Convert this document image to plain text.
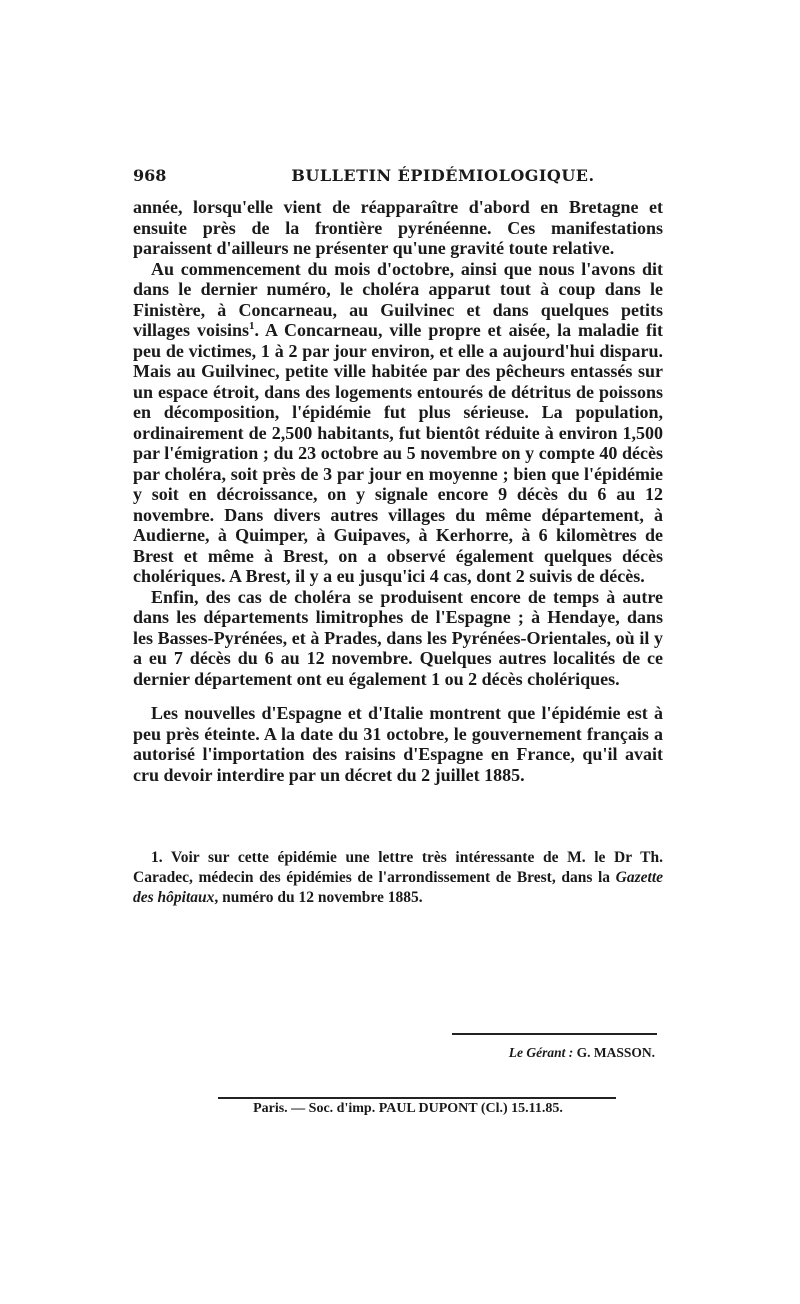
968	BULLETIN ÉPIDÉMIOLOGIQUE.

année, lorsqu'elle vient de réapparaître d'abord en Bretagne et ensuite près de la frontière pyrénéenne. Ces manifestations paraissent d'ailleurs ne présenter qu'une gravité toute relative.

Au commencement du mois d'octobre, ainsi que nous l'avons dit dans le dernier numéro, le choléra apparut tout à coup dans le Finistère, à Concarneau, au Guilvinec et dans quelques petits villages voisins$^1$. A Concarneau, ville propre et aisée, la maladie fit peu de victimes, 1 à 2 par jour environ, et elle a aujourd'hui disparu. Mais au Guilvinec, petite ville habitée par des pêcheurs entassés sur un espace étroit, dans des logements entourés de détritus de poissons en décomposition, l'épidémie fut plus sérieuse. La population, ordinairement de 2,500 habitants, fut bientôt réduite à environ 1,500 par l'émigration ; du 23 octobre au 5 novembre on y compte 40 décès par choléra, soit près de 3 par jour en moyenne ; bien que l'épidémie y soit en décroissance, on y signale encore 9 décès du 6 au 12 novembre. Dans divers autres villages du même département, à Audierne, à Quimper, à Guipaves, à Kerhorre, à 6 kilomètres de Brest et même à Brest, on a observé également quelques décès cholériques. A Brest, il y a eu jusqu'ici 4 cas, dont 2 suivis de décès.

Enfin, des cas de choléra se produisent encore de temps à autre dans les départements limitrophes de l'Espagne ; à Hendaye, dans les Basses-Pyrénées, et à Prades, dans les Pyrénées-Orientales, où il y a eu 7 décès du 6 au 12 novembre. Quelques autres localités de ce dernier département ont eu également 1 ou 2 décès cholériques.

Les nouvelles d'Espagne et d'Italie montrent que l'épidémie est à peu près éteinte. A la date du 31 octobre, le gouvernement français a autorisé l'importation des raisins d'Espagne en France, qu'il avait cru devoir interdire par un décret du 2 juillet 1885.

1. Voir sur cette épidémie une lettre très intéressante de M. le Dr Th. Caradec, médecin des épidémies de l'arrondissement de Brest, dans la Gazette des hôpitaux, numéro du 12 novembre 1885.

Le Gérant : G. MASSON.
Paris. — Soc. d'imp. PAUL DUPONT (Cl.) 15.11.85.
